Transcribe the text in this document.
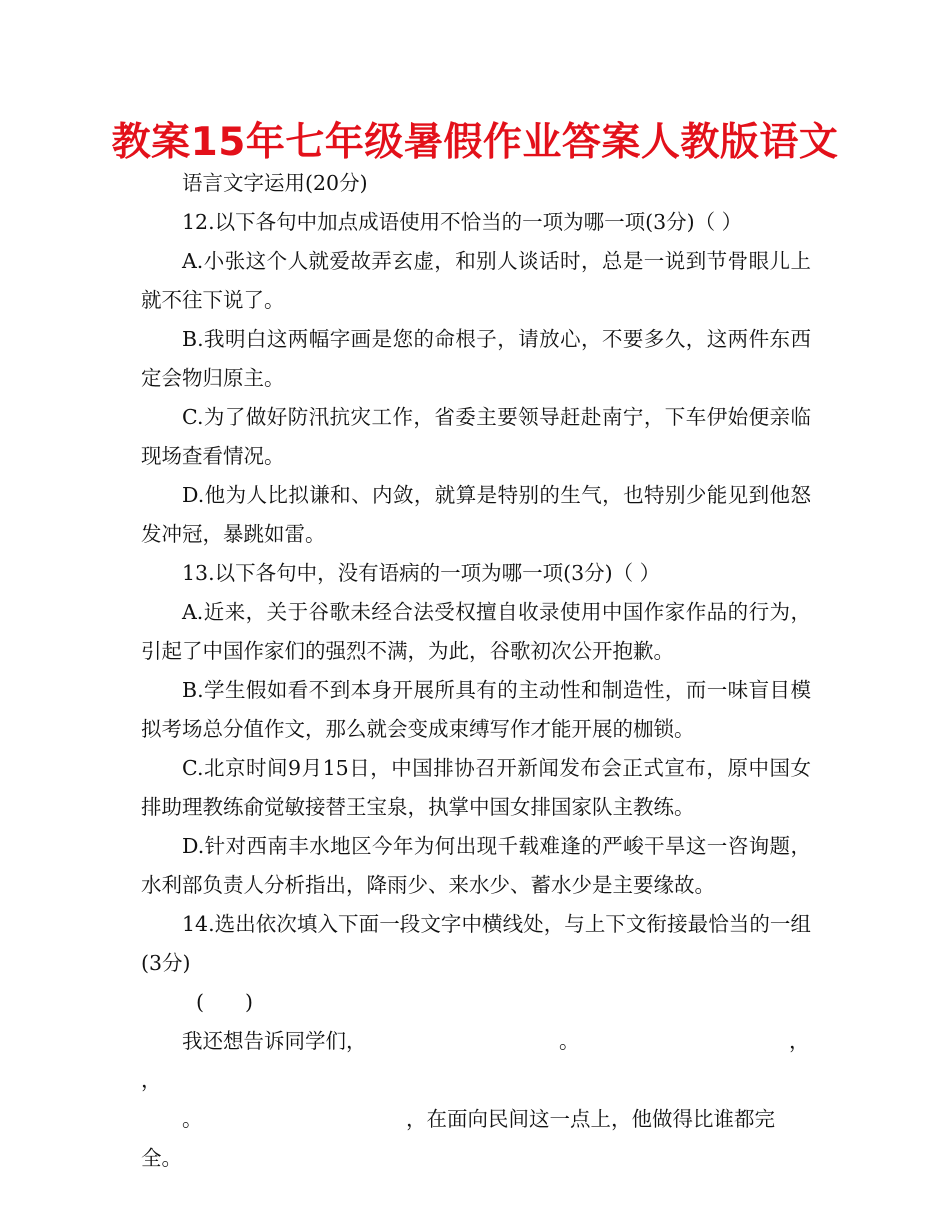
教案15年七年级暑假作业答案人教版语文

语言文字运用(20分)

12.以下各句中加点成语使用不恰当的一项为哪一项(3分)（ ）

A.小张这个人就爱故弄玄虚，和别人谈话时，总是一说到节骨眼儿上就不往下说了。

B.我明白这两幅字画是您的命根子，请放心，不要多久，这两件东西定会物归原主。

C.为了做好防汛抗灾工作，省委主要领导赶赴南宁，下车伊始便亲临现场查看情况。

D.他为人比拟谦和、内敛，就算是特别的生气，也特别少能见到他怒发冲冠，暴跳如雷。

13.以下各句中，没有语病的一项为哪一项(3分)（ ）

A.近来，关于谷歌未经合法受权擅自收录使用中国作家作品的行为，引起了中国作家们的强烈不满，为此，谷歌初次公开抱歉。

B.学生假如看不到本身开展所具有的主动性和制造性，而一味盲目模拟考场总分值作文，那么就会变成束缚写作才能开展的枷锁。

C.北京时间9月15日，中国排协召开新闻发布会正式宣布，原中国女排助理教练俞觉敏接替王宝泉，执掌中国女排国家队主教练。

D.针对西南丰水地区今年为何出现千载难逢的严峻干旱这一咨询题，水利部负责人分析指出，降雨少、来水少、蓄水少是主要缘故。

14.选出依次填入下面一段文字中横线处，与上下文衔接最恰当的一组(3分)

(　　)
我还想告诉同学们，	。	，
，
。	，在面向民间这一点上，他做得比谁都完
全。
